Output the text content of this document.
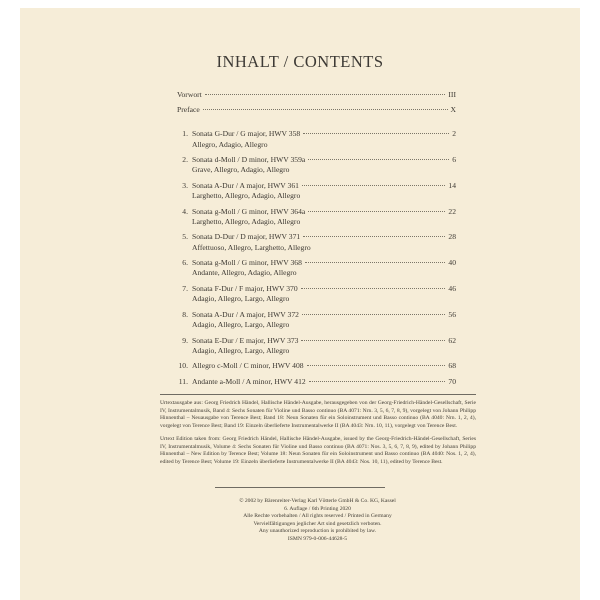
INHALT / CONTENTS
Vorwort	III
Preface	X
1. Sonata G-Dur / G major, HWV 358	2
Allegro, Adagio, Allegro
2. Sonata d-Moll / D minor, HWV 359a	6
Grave, Allegro, Adagio, Allegro
3. Sonata A-Dur / A major, HWV 361	14
Larghetto, Allegro, Adagio, Allegro
4. Sonata g-Moll / G minor, HWV 364a	22
Larghetto, Allegro, Adagio, Allegro
5. Sonata D-Dur / D major, HWV 371	28
Affettuoso, Allegro, Larghetto, Allegro
6. Sonata g-Moll / G minor, HWV 368	40
Andante, Allegro, Adagio, Allegro
7. Sonata F-Dur / F major, HWV 370	46
Adagio, Allegro, Largo, Allegro
8. Sonata A-Dur / A major, HWV 372	56
Adagio, Allegro, Largo, Allegro
9. Sonata E-Dur / E major, HWV 373	62
Adagio, Allegro, Largo, Allegro
10. Allegro c-Moll / C minor, HWV 408	68
11. Andante a-Moll / A minor, HWV 412	70
Urtextausgabe aus: Georg Friedrich Händel, Hallische Händel-Ausgabe, herausgegeben von der Georg-Friedrich-Händel-Gesellschaft, Serie IV, Instrumentalmusik, Band 4: Sechs Sonaten für Violine und Basso continuo (BA 4071: Nrn. 3, 5, 6, 7, 8, 9), vorgelegt von Johann Philipp Hinnenthal – Neuausgabe von Terence Best; Band 18: Neun Sonaten für ein Soloinstrument und Basso continuo (BA 4040: Nrn. 1, 2, 4), vorgelegt von Terence Best; Band 19: Einzeln überlieferte Instrumentalwerke II (BA 4043: Nrn. 10, 11), vorgelegt von Terence Best.
Urtext Edition taken from: Georg Friedrich Händel, Hallische Händel-Ausgabe, issued by the Georg-Friedrich-Händel-Gesellschaft, Series IV, Instrumentalmusik, Volume 4: Sechs Sonaten für Violine und Basso continuo (BA 4071: Nos. 3, 5, 6, 7, 8, 9), edited by Johann Philipp Hinnenthal – New Edition by Terence Best; Volume 18: Neun Sonaten für ein Soloinstrument und Basso continuo (BA 4040: Nos. 1, 2, 4), edited by Terence Best; Volume 19: Einzeln überlieferte Instrumentalwerke II (BA 4043: Nos. 10, 11), edited by Terence Best.
© 2002 by Bärenreiter-Verlag Karl Vötterle GmbH & Co. KG, Kassel
6. Auflage / 6th Printing 2020
Alle Rechte vorbehalten / All rights reserved / Printed in Germany
Vervielfältigungen jeglicher Art sind gesetzlich verboten.
Any unauthorized reproduction is prohibited by law.
ISMN 979-0-006-44628-5
